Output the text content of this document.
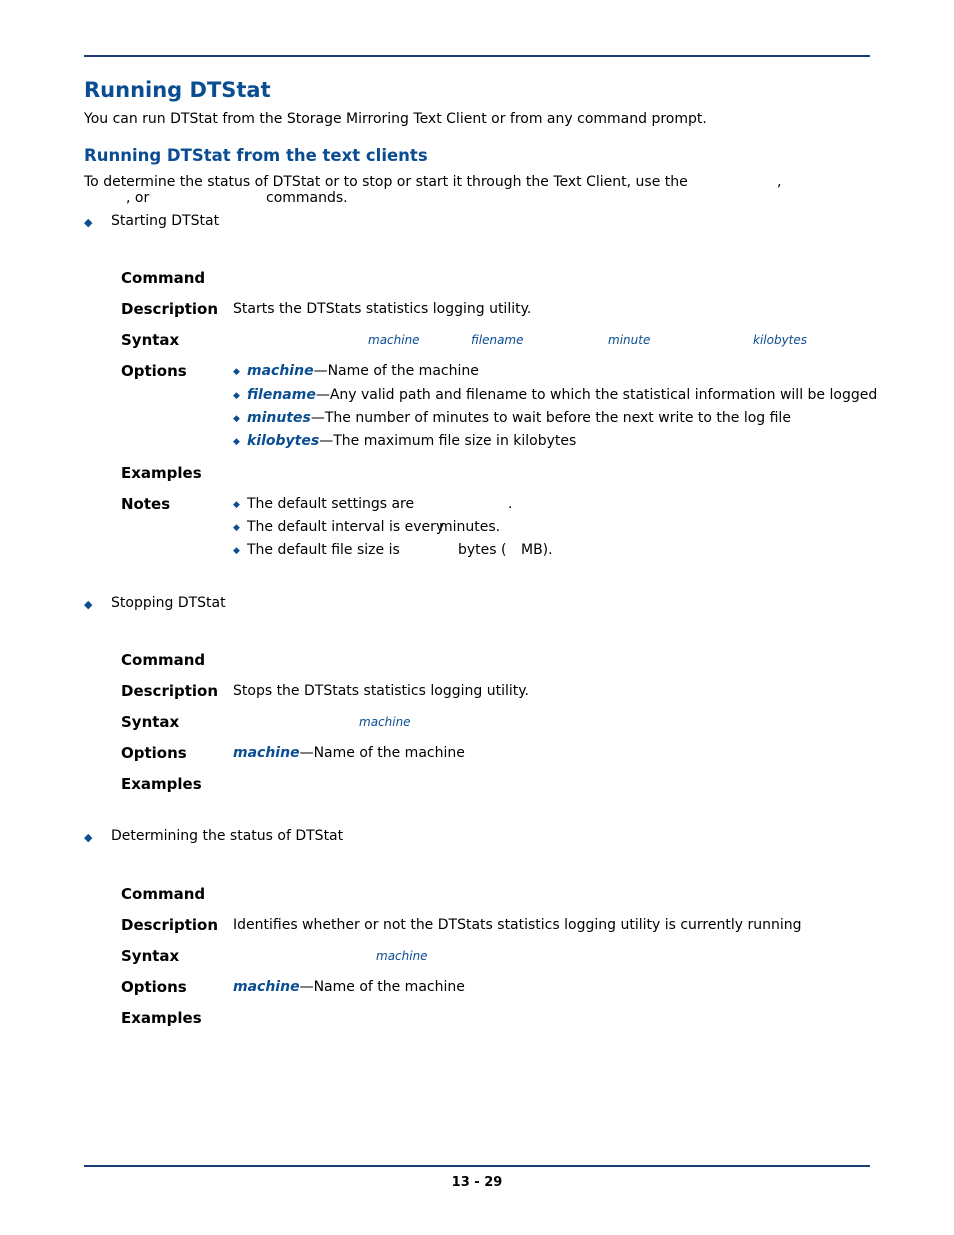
Running DTStat
You can run DTStat from the Storage Mirroring Text Client or from any command prompt.
Running DTStat from the text clients
To determine the status of DTStat or to stop or start it through the Text Client, use the	,
, or	commands.
◆ Starting DTStat
Command
Description Starts the DTStats statistics logging utility.
Syntax	machine	filename	minute	kilobytes
Options	◆ machine—Name of the machine
◆ filename—Any valid path and filename to which the statistical information will be logged
◆ minutes—The number of minutes to wait before the next write to the log file
◆ kilobytes—The maximum file size in kilobytes
Examples
Notes	◆ The default settings are	.
◆ The default interval is every
minutes.
◆ The default file size is	bytes ( MB).
◆ Stopping DTStat
Command
Description Stops the DTStats statistics logging utility.
Syntax	machine
Options	machine—Name of the machine
Examples
◆ Determining the status of DTStat
Command
Description Identifies whether or not the DTStats statistics logging utility is currently running
Syntax	machine
Options	machine—Name of the machine
Examples
13 - 29
